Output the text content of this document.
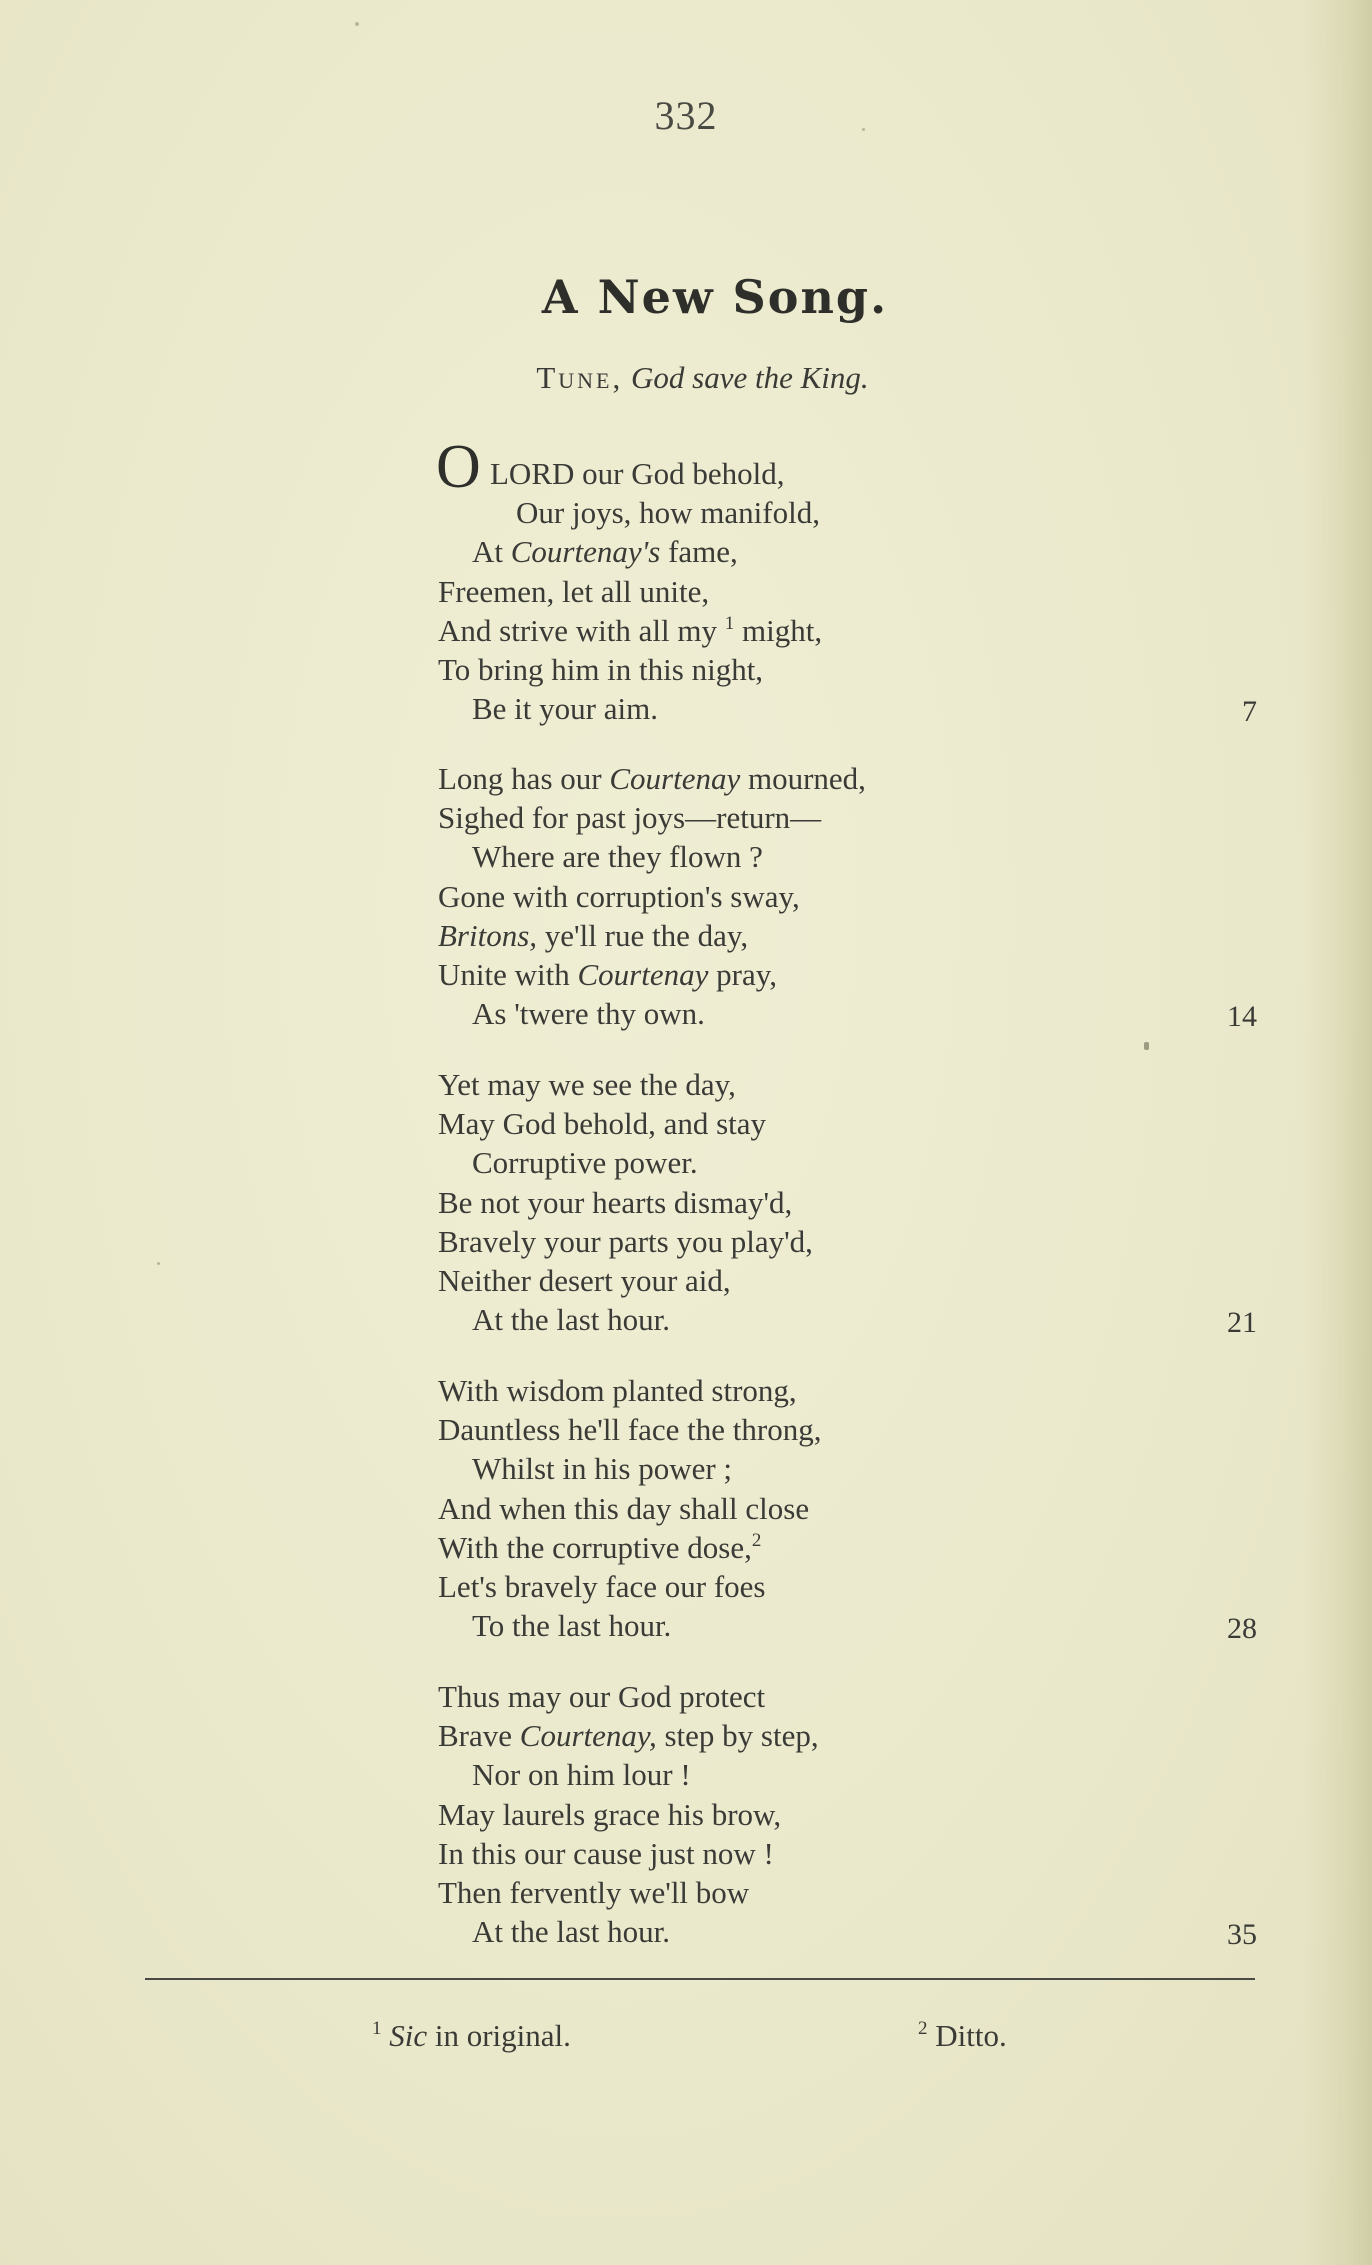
332
A New Song.
Tune, God save the King.
O LORD our God behold,
Our joys, how manifold,
At Courtenay's fame,
Freemen, let all unite,
And strive with all my $^1$ might,
To bring him in this night,
Be it your aim.	7
Long has our Courtenay mourned,
Sighed for past joys—return—
Where are they flown ?
Gone with corruption's sway,
Britons, ye'll rue the day,
Unite with Courtenay pray,
As 'twere thy own.	14
Yet may we see the day,
May God behold, and stay
Corruptive power.
Be not your hearts dismay'd,
Bravely your parts you play'd,
Neither desert your aid,
At the last hour.	21
With wisdom planted strong,
Dauntless he'll face the throng,
Whilst in his power ;
And when this day shall close
With the corruptive dose,$^2$
Let's bravely face our foes
To the last hour.	28
Thus may our God protect
Brave Courtenay, step by step,
Nor on him lour !
May laurels grace his brow,
In this our cause just now !
Then fervently we'll bow
At the last hour.	35
$^1$ Sic in original.	$^2$ Ditto.
